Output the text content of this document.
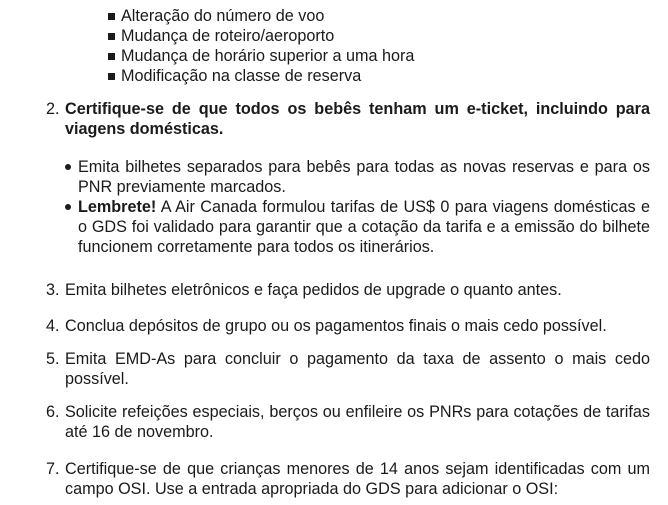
Alteração do número de voo
Mudança de roteiro/aeroporto
Mudança de horário superior a uma hora
Modificação na classe de reserva
2. Certifique-se de que todos os bebês tenham um e-ticket, incluindo para viagens domésticas.
Emita bilhetes separados para bebês para todas as novas reservas e para os PNR previamente marcados.
Lembrete! A Air Canada formulou tarifas de US$ 0 para viagens domésticas e o GDS foi validado para garantir que a cotação da tarifa e a emissão do bilhete funcionem corretamente para todos os itinerários.
3. Emita bilhetes eletrônicos e faça pedidos de upgrade o quanto antes.
4. Conclua depósitos de grupo ou os pagamentos finais o mais cedo possível.
5. Emita EMD-As para concluir o pagamento da taxa de assento o mais cedo possível.
6. Solicite refeições especiais, berços ou enfileire os PNRs para cotações de tarifas até 16 de novembro.
7. Certifique-se de que crianças menores de 14 anos sejam identificadas com um campo OSI. Use a entrada apropriada do GDS para adicionar o OSI:
